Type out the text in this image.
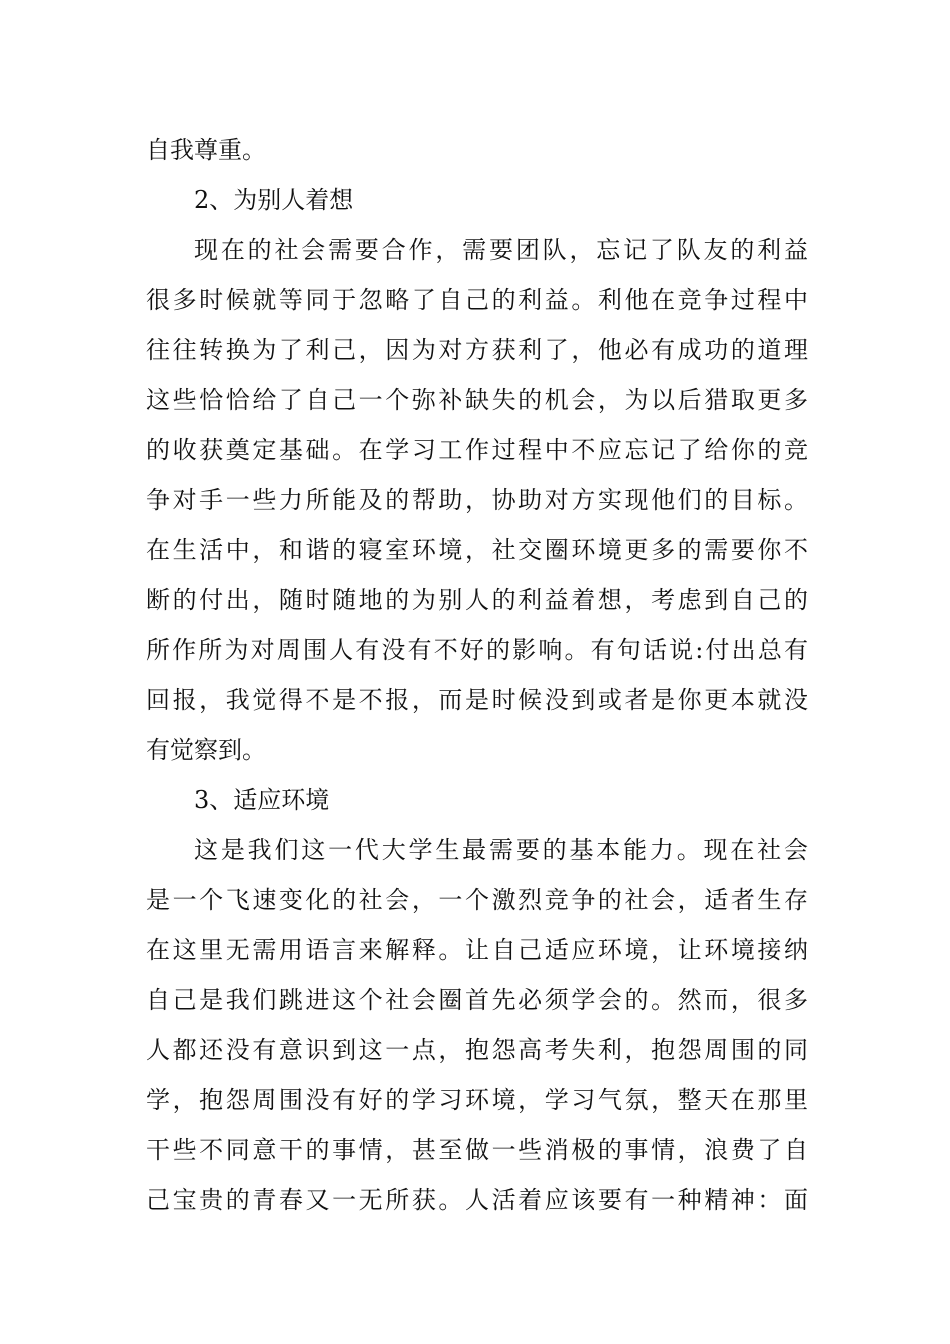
自我尊重。
2、为别人着想
现在的社会需要合作，需要团队，忘记了队友的利益
很多时候就等同于忽略了自己的利益。利他在竞争过程中
往往转换为了利己，因为对方获利了，他必有成功的道理
这些恰恰给了自己一个弥补缺失的机会，为以后猎取更多
的收获奠定基础。在学习工作过程中不应忘记了给你的竞
争对手一些力所能及的帮助，协助对方实现他们的目标。
在生活中，和谐的寝室环境，社交圈环境更多的需要你不
断的付出，随时随地的为别人的利益着想，考虑到自己的
所作所为对周围人有没有不好的影响。有句话说:付出总有
回报，我觉得不是不报，而是时候没到或者是你更本就没
有觉察到。
3、适应环境
这是我们这一代大学生最需要的基本能力。现在社会
是一个飞速变化的社会，一个激烈竞争的社会，适者生存
在这里无需用语言来解释。让自己适应环境，让环境接纳
自己是我们跳进这个社会圈首先必须学会的。然而，很多
人都还没有意识到这一点，抱怨高考失利，抱怨周围的同
学，抱怨周围没有好的学习环境，学习气氛，整天在那里
干些不同意干的事情，甚至做一些消极的事情，浪费了自
己宝贵的青春又一无所获。人活着应该要有一种精神：面
